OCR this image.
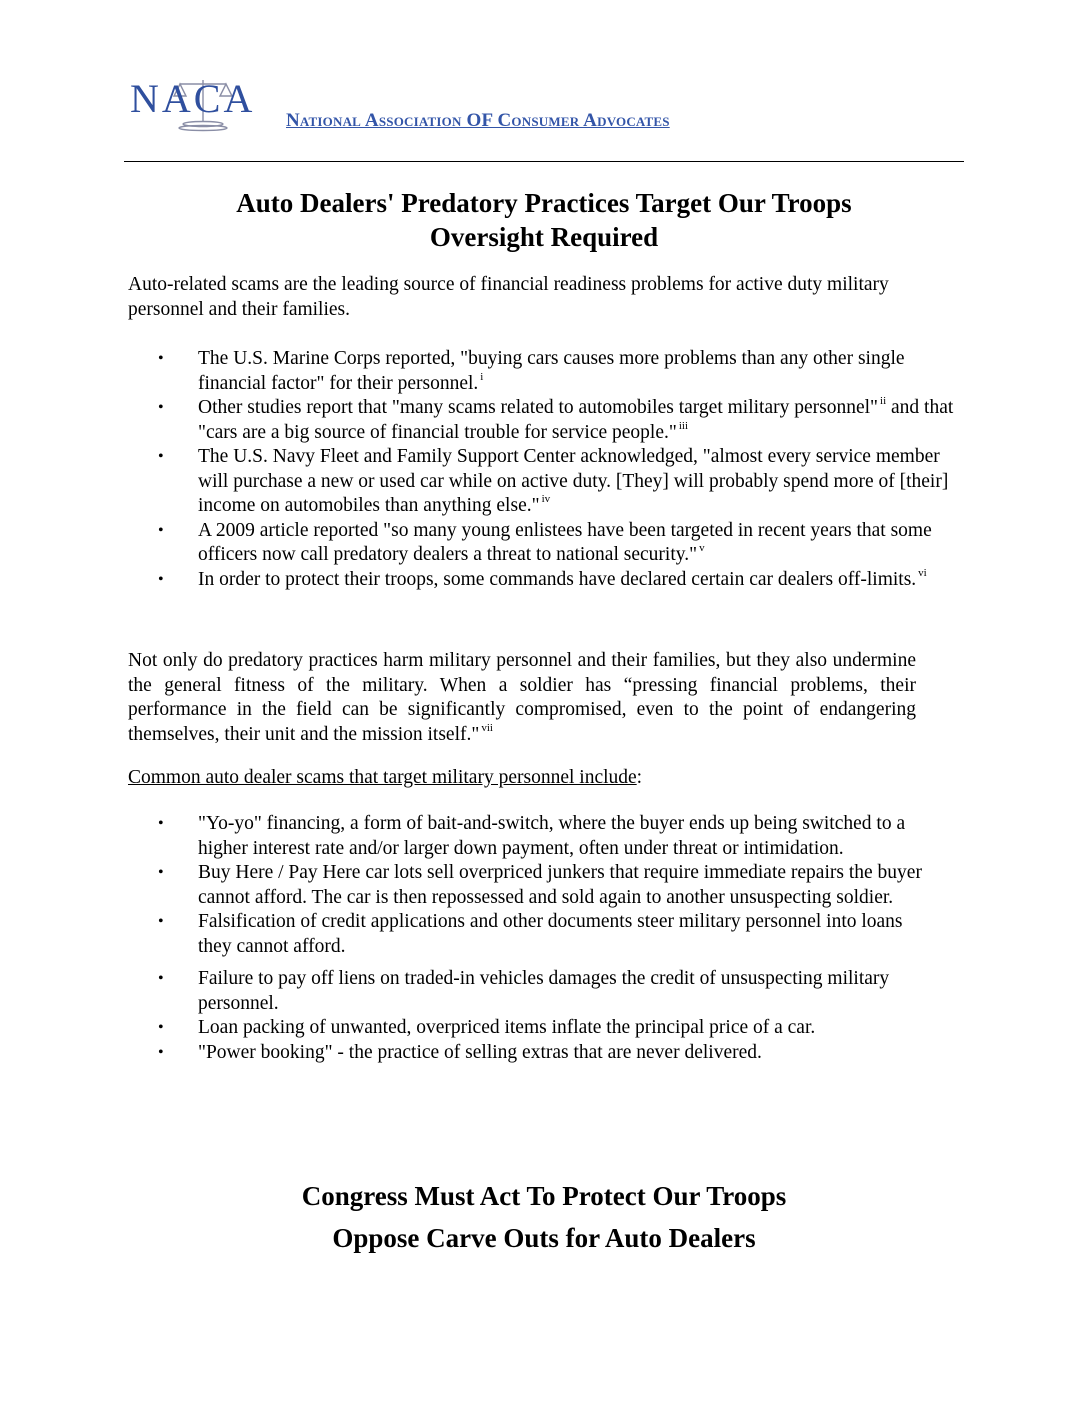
NACA National Association OF Consumer Advocates
Auto Dealers' Predatory Practices Target Our Troops
Oversight Required

Auto-related scams are the leading source of financial readiness problems for active duty military personnel and their families.

• The U.S. Marine Corps reported, "buying cars causes more problems than any other single financial factor" for their personnel. $^i$
• Other studies report that "many scams related to automobiles target military personnel" $^{ii}$ and that "cars are a big source of financial trouble for service people." $^{iii}$
• The U.S. Navy Fleet and Family Support Center acknowledged, "almost every service member will purchase a new or used car while on active duty. [They] will probably spend more of [their] income on automobiles than anything else." $^{iv}$
• A 2009 article reported "so many young enlistees have been targeted in recent years that some officers now call predatory dealers a threat to national security." $^v$
• In order to protect their troops, some commands have declared certain car dealers off-limits. $^{vi}$

Not only do predatory practices harm military personnel and their families, but they also undermine the general fitness of the military. When a soldier has “pressing financial problems, their performance in the field can be significantly compromised, even to the point of endangering themselves, their unit and the mission itself." $^{vii}$

Common auto dealer scams that target military personnel include:

• "Yo-yo" financing, a form of bait-and-switch, where the buyer ends up being switched to a higher interest rate and/or larger down payment, often under threat or intimidation.
• Buy Here / Pay Here car lots sell overpriced junkers that require immediate repairs the buyer cannot afford. The car is then repossessed and sold again to another unsuspecting soldier.
• Falsification of credit applications and other documents steer military personnel into loans they cannot afford.
• Failure to pay off liens on traded-in vehicles damages the credit of unsuspecting military personnel.
• Loan packing of unwanted, overpriced items inflate the principal price of a car.
• "Power booking" - the practice of selling extras that are never delivered.
Congress Must Act To Protect Our Troops
Oppose Carve Outs for Auto Dealers
